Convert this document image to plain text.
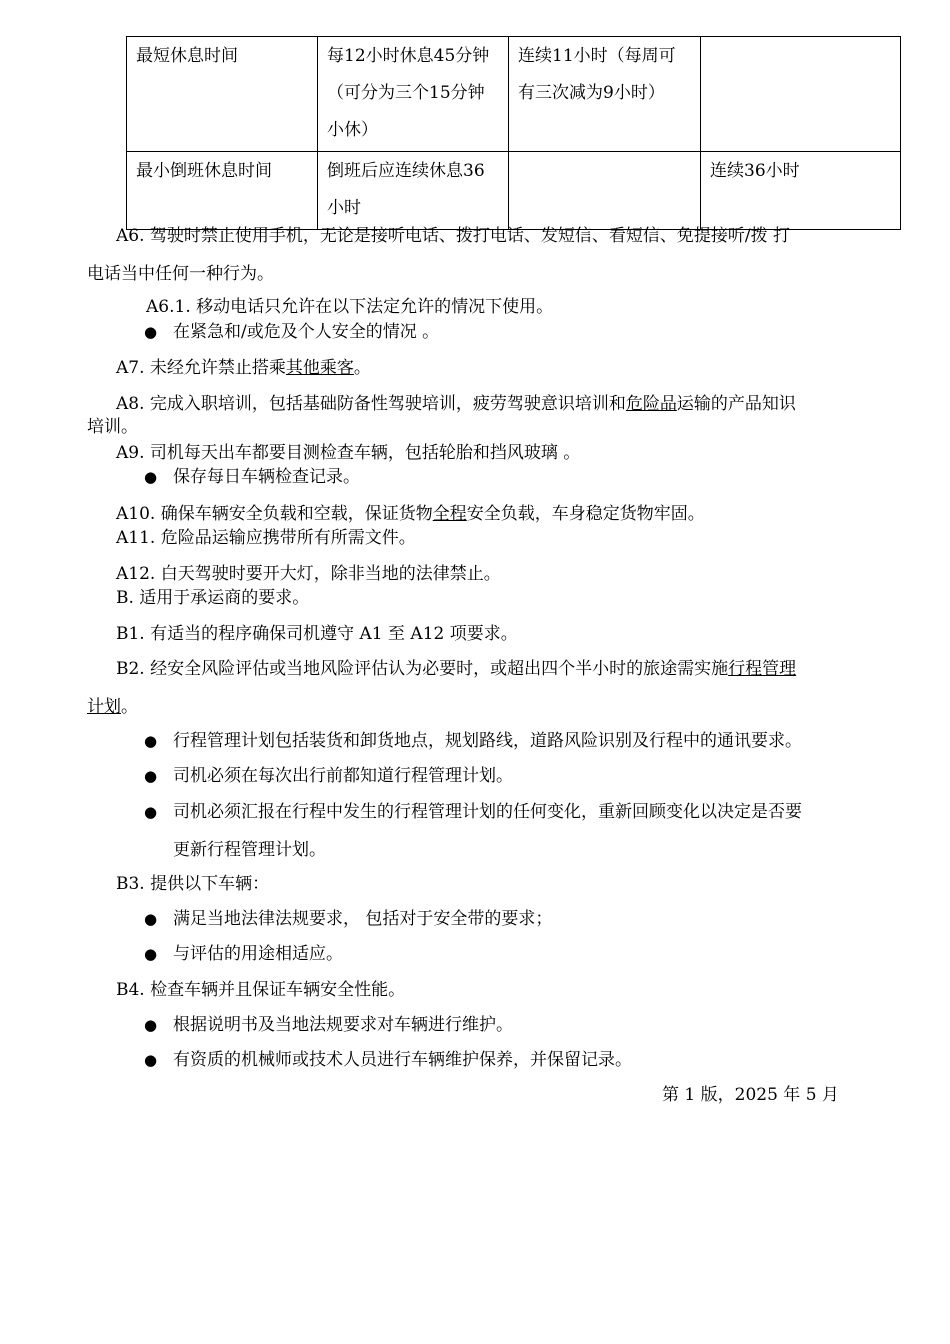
最短休息时间	每12小时休息45分钟（可分为三个15分钟小休）	连续11小时（每周可有三次减为9小时）	
最小倒班休息时间	倒班后应连续休息36小时		连续36小时
A6. 驾驶时禁止使用手机，无论是接听电话、拨打电话、发短信、看短信、免提接听/拨 打
电话当中任何一种行为。
A6.1. 移动电话只允许在以下法定允许的情况下使用。
● 在紧急和/或危及个人安全的情况 。
A7. 未经允许禁止搭乘其他乘客。
A8. 完成入职培训，包括基础防备性驾驶培训，疲劳驾驶意识培训和危险品运输的产品知识
培训。
A9. 司机每天出车都要目测检查车辆，包括轮胎和挡风玻璃 。
● 保存每日车辆检查记录。
A10. 确保车辆安全负载和空载，保证货物全程安全负载，车身稳定货物牢固。
A11. 危险品运输应携带所有所需文件。
A12. 白天驾驶时要开大灯，除非当地的法律禁止。
B. 适用于承运商的要求。
B1. 有适当的程序确保司机遵守 A1 至 A12 项要求。
B2. 经安全风险评估或当地风险评估认为必要时，或超出四个半小时的旅途需实施行程管理
计划。
● 行程管理计划包括装货和卸货地点，规划路线，道路风险识别及行程中的通讯要求。
● 司机必须在每次出行前都知道行程管理计划。
● 司机必须汇报在行程中发生的行程管理计划的任何变化，重新回顾变化以决定是否要
更新行程管理计划。
B3. 提供以下车辆：
● 满足当地法律法规要求， 包括对于安全带的要求；
● 与评估的用途相适应。
B4. 检查车辆并且保证车辆安全性能。
● 根据说明书及当地法规要求对车辆进行维护。
● 有资质的机械师或技术人员进行车辆维护保养，并保留记录。
第 1 版，2025 年 5 月
